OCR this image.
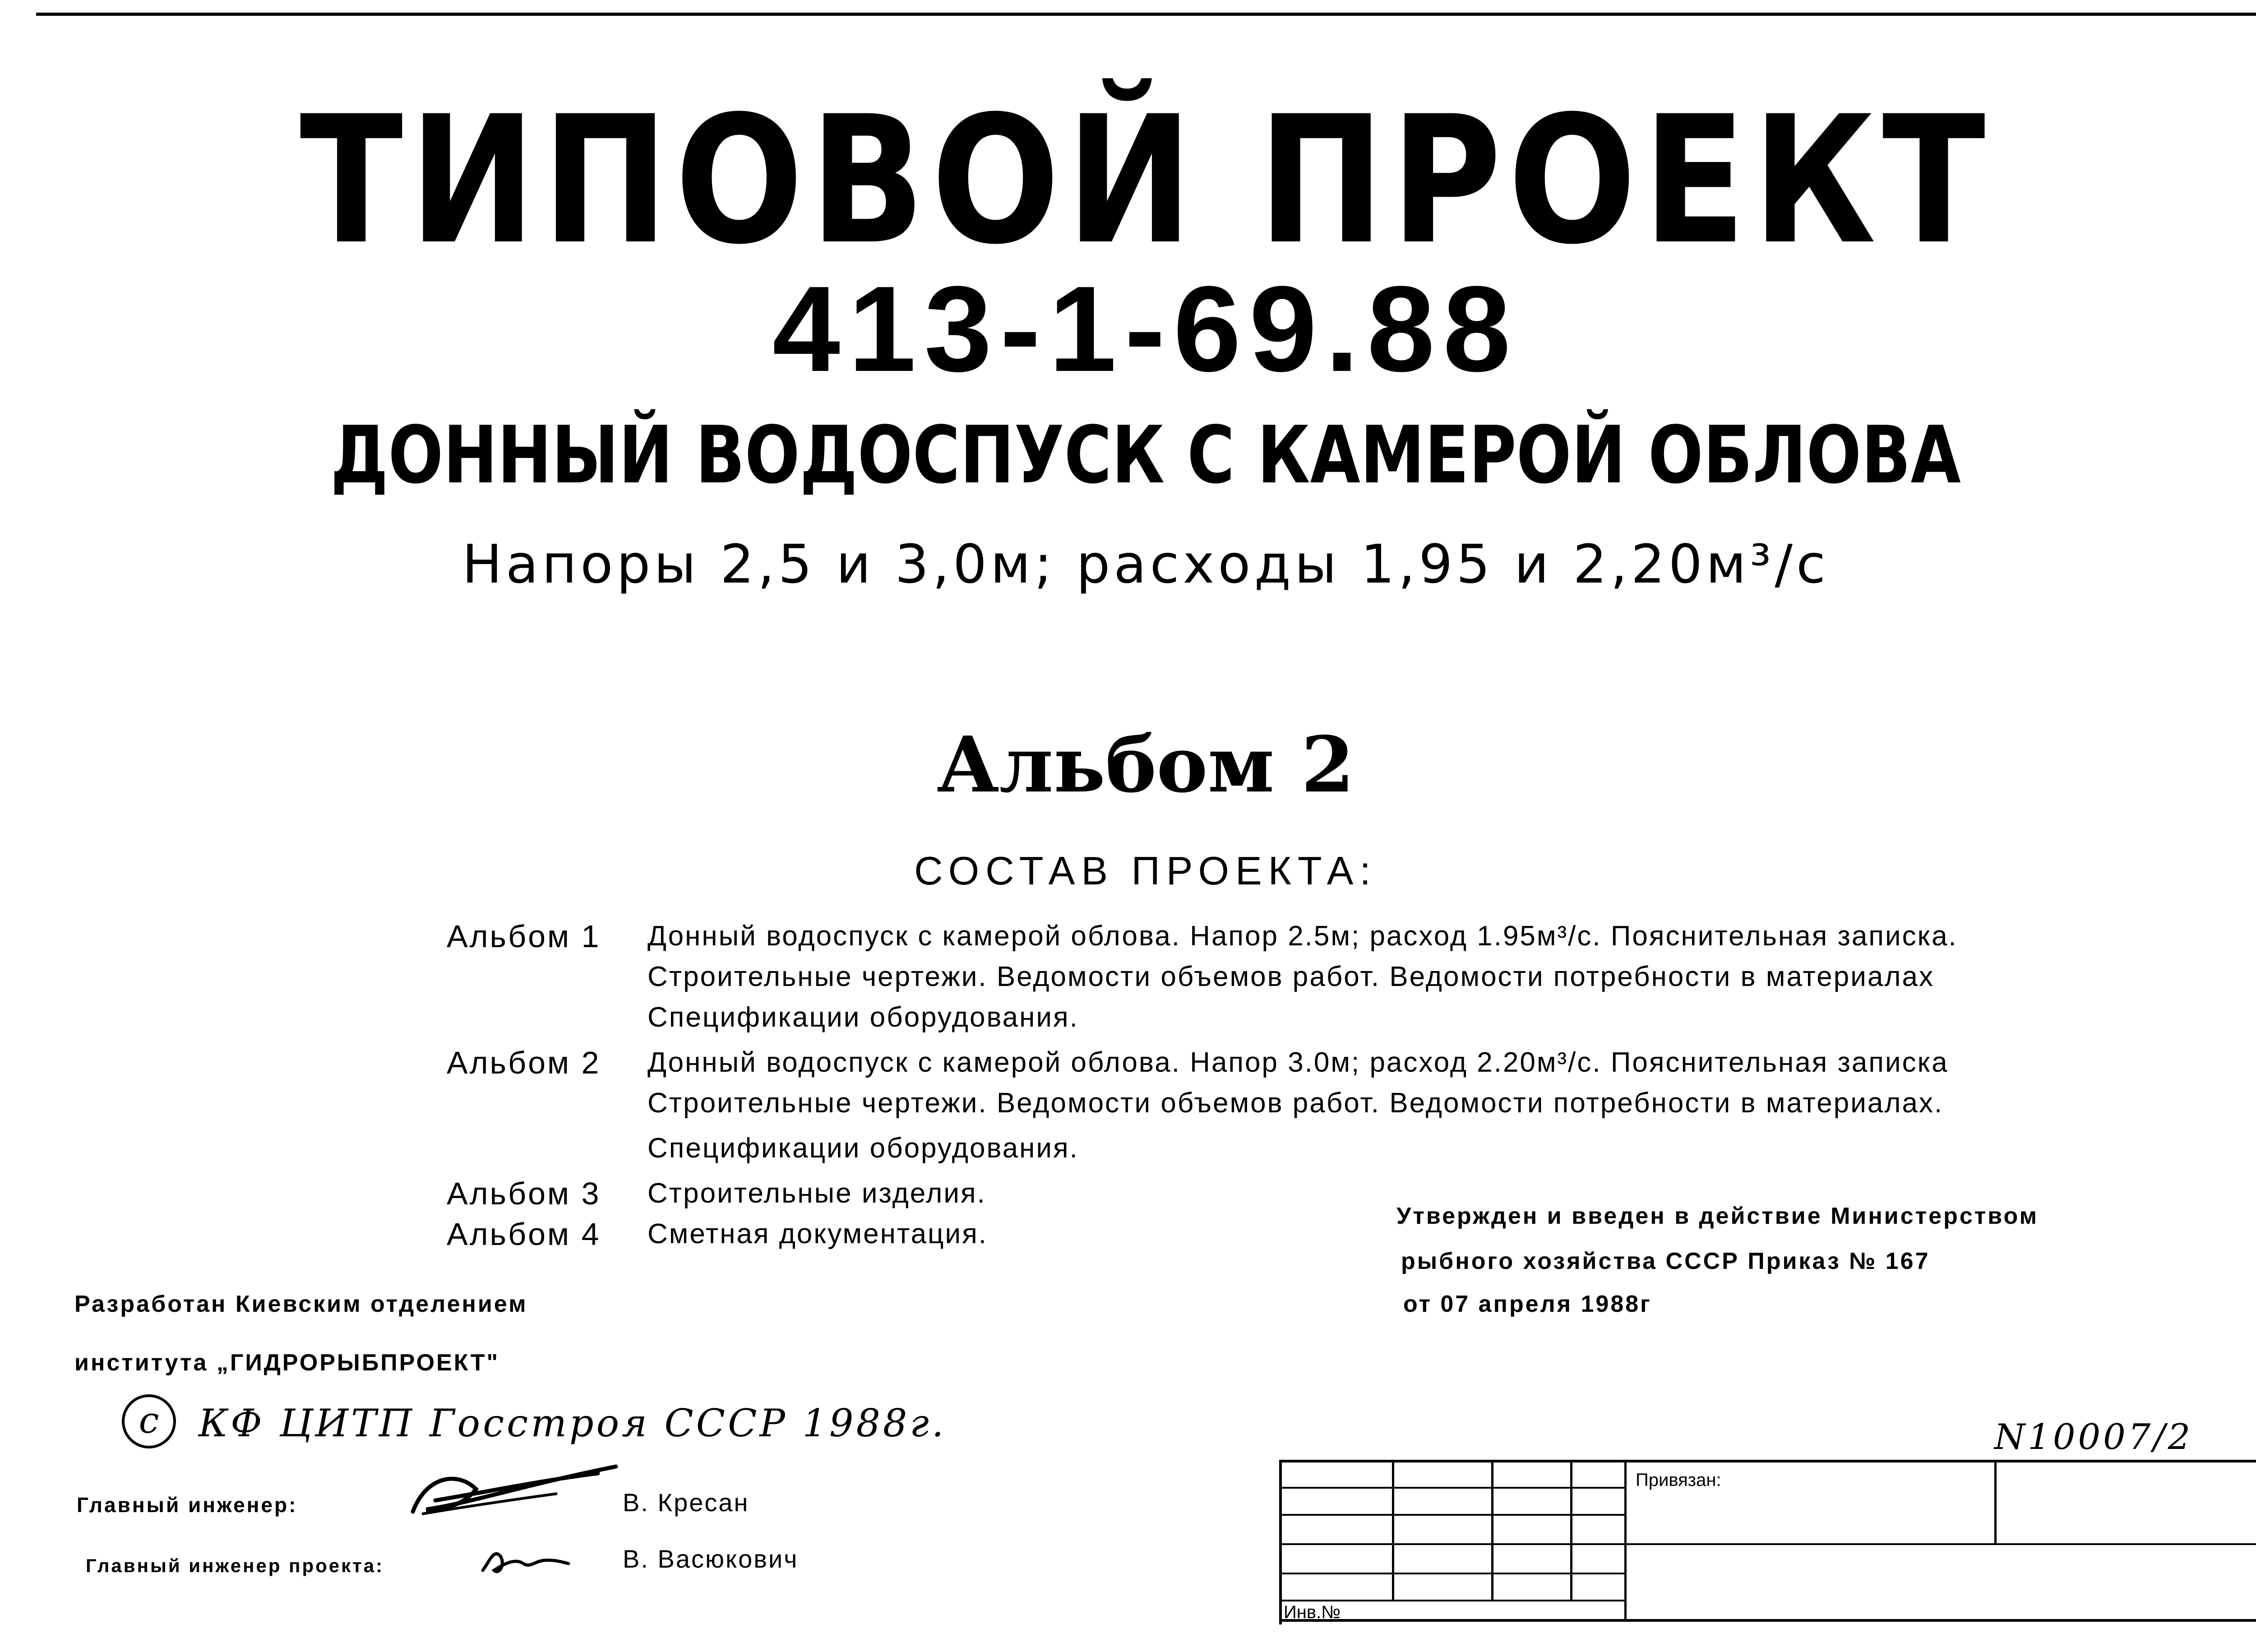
ТИПОВОЙ ПРОЕКТ
413-1-69.88
ДОННЫЙ ВОДОСПУСК С КАМЕРОЙ ОБЛОВА
Напоры 2,5 и 3,0м; расходы 1,95 и 2,20м³/с
Альбом 2
СОСТАВ ПРОЕКТА:
Альбом 1 Донный водоспуск с камерой облова. Напор 2.5м; расход 1.95м³/с. Пояснительная записка.
Строительные чертежи. Ведомости объемов работ. Ведомости потребности в материалах
Спецификации оборудования.
Альбом 2 Донный водоспуск с камерой облова. Напор 3.0м; расход 2.20м³/с. Пояснительная записка
Строительные чертежи. Ведомости объемов работ. Ведомости потребности в материалах.
Спецификации оборудования.
Альбом 3 Строительные изделия.
Альбом 4 Сметная документация.
Утвержден и введен в действие Министерством
рыбного хозяйства СССР Приказ № 167
от 07 апреля 1988г
Разработан Киевским отделением
института „ГИДРОРЫБПРОЕКТ"
с	КФ ЦИТП Госстроя СССР 1988г.	N10007/2
Главный инженер:	В. Кресан
Главный инженер проекта:	В. Васюкович
Привязан:
Инв.№
